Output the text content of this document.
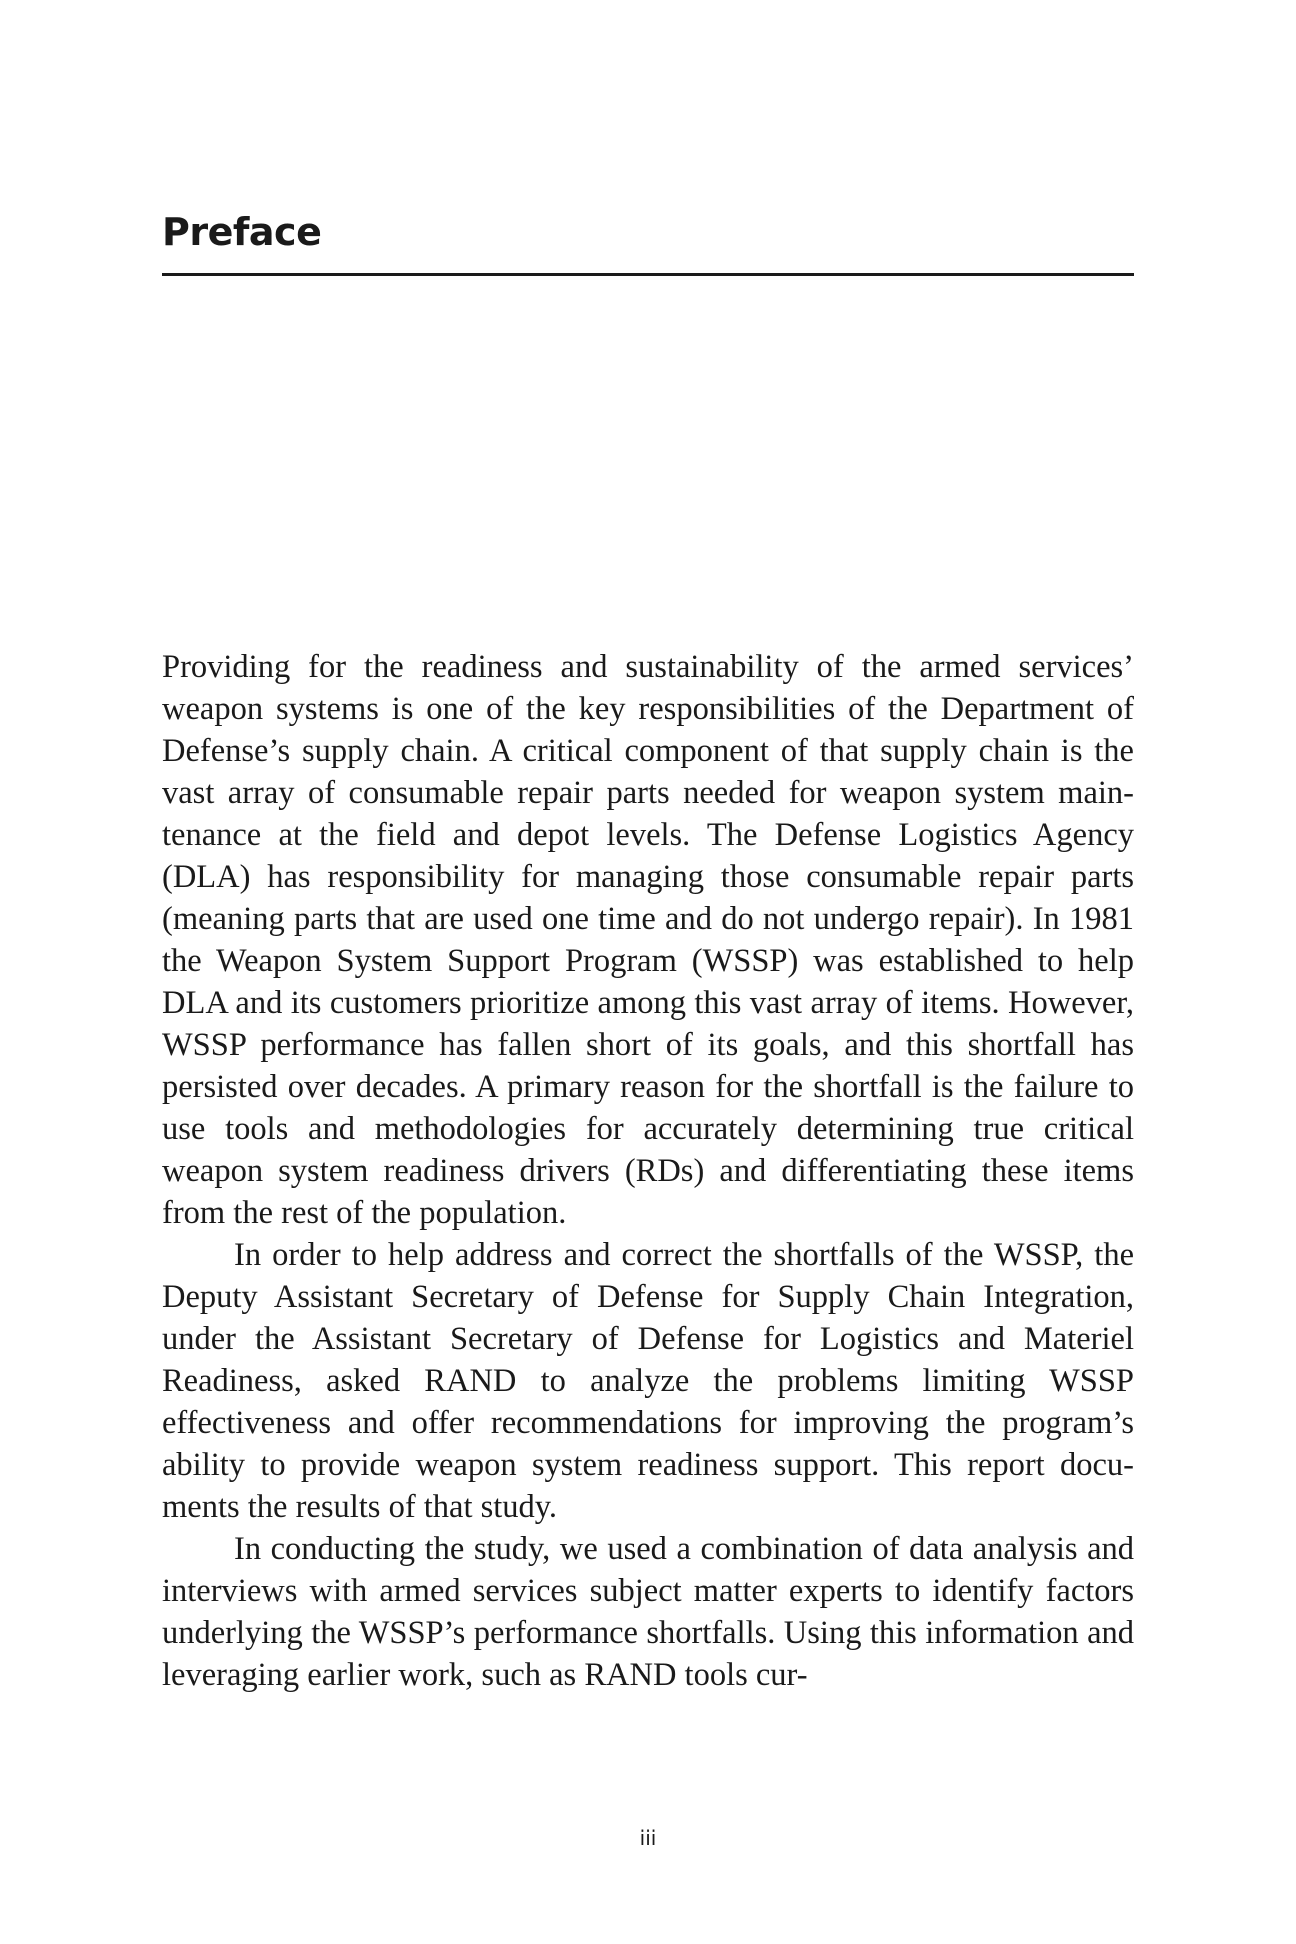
Preface

Providing for the readiness and sustainability of the armed services’ weapon systems is one of the key responsibilities of the Department of Defense’s supply chain. A critical component of that supply chain is the vast array of consumable repair parts needed for weapon system maintenance at the field and depot levels. The Defense Logistics Agency (DLA) has responsibility for managing those consumable repair parts (meaning parts that are used one time and do not undergo repair). In 1981 the Weapon System Support Program (WSSP) was established to help DLA and its customers prioritize among this vast array of items. However, WSSP performance has fallen short of its goals, and this shortfall has persisted over decades. A primary reason for the shortfall is the failure to use tools and methodologies for accurately determining true critical weapon system readiness drivers (RDs) and differentiating these items from the rest of the population.

In order to help address and correct the shortfalls of the WSSP, the Deputy Assistant Secretary of Defense for Supply Chain Integration, under the Assistant Secretary of Defense for Logistics and Materiel Readiness, asked RAND to analyze the problems limiting WSSP effectiveness and offer recommendations for improving the program’s ability to provide weapon system readiness support. This report documents the results of that study.

In conducting the study, we used a combination of data analysis and interviews with armed services subject matter experts to identify factors underlying the WSSP’s performance shortfalls. Using this information and leveraging earlier work, such as RAND tools cur-

iii
